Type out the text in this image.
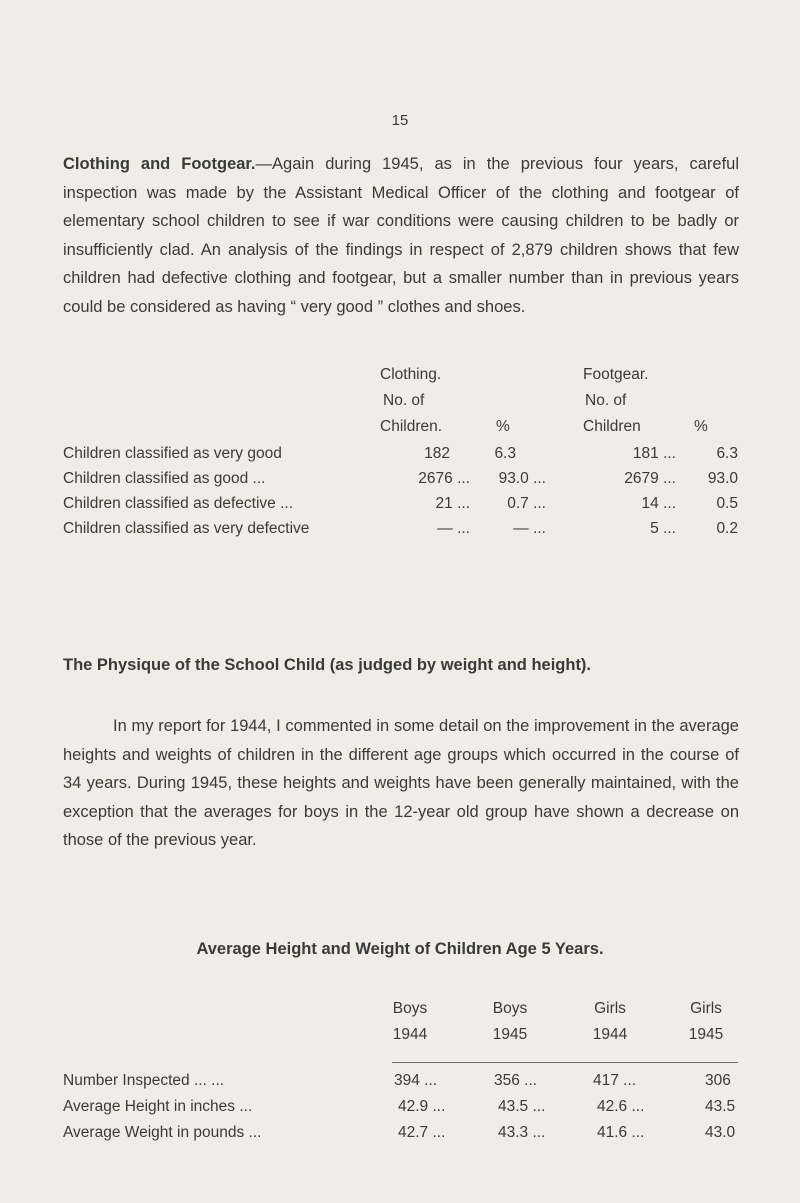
15

Clothing and Footgear.—Again during 1945, as in the previous four years, careful inspection was made by the Assistant Medical Officer of the clothing and footgear of elementary school children to see if war conditions were causing children to be badly or insufficiently clad. An analysis of the findings in respect of 2,879 children shows that few children had defective clothing and footgear, but a smaller number than in previous years could be considered as having “ very good ” clothes and shoes.

Clothing.	Footgear.
No. of	No. of
Children.	%	Children	%
Children classified as very good	182	6.3	181 ...	6.3
Children classified as good ...	2676 ...	93.0 ...	2679 ...	93.0
Children classified as defective ...	21 ...	0.7 ...	14 ...	0.5
Children classified as very defective	— ...	— ...	5 ...	0.2

The Physique of the School Child (as judged by weight and height).

In my report for 1944, I commented in some detail on the improvement in the average heights and weights of children in the different age groups which occurred in the course of 34 years. During 1945, these heights and weights have been generally maintained, with the exception that the averages for boys in the 12-year old group have shown a decrease on those of the previous year.

Average Height and Weight of Children Age 5 Years.

Boys	Boys	Girls	Girls
1944	1945	1944	1945
Number Inspected ... ...	394 ...	356 ...	417 ...	306
Average Height in inches ...	42.9 ...	43.5 ...	42.6 ...	43.5
Average Weight in pounds ...	42.7 ...	43.3 ...	41.6 ...	43.0
